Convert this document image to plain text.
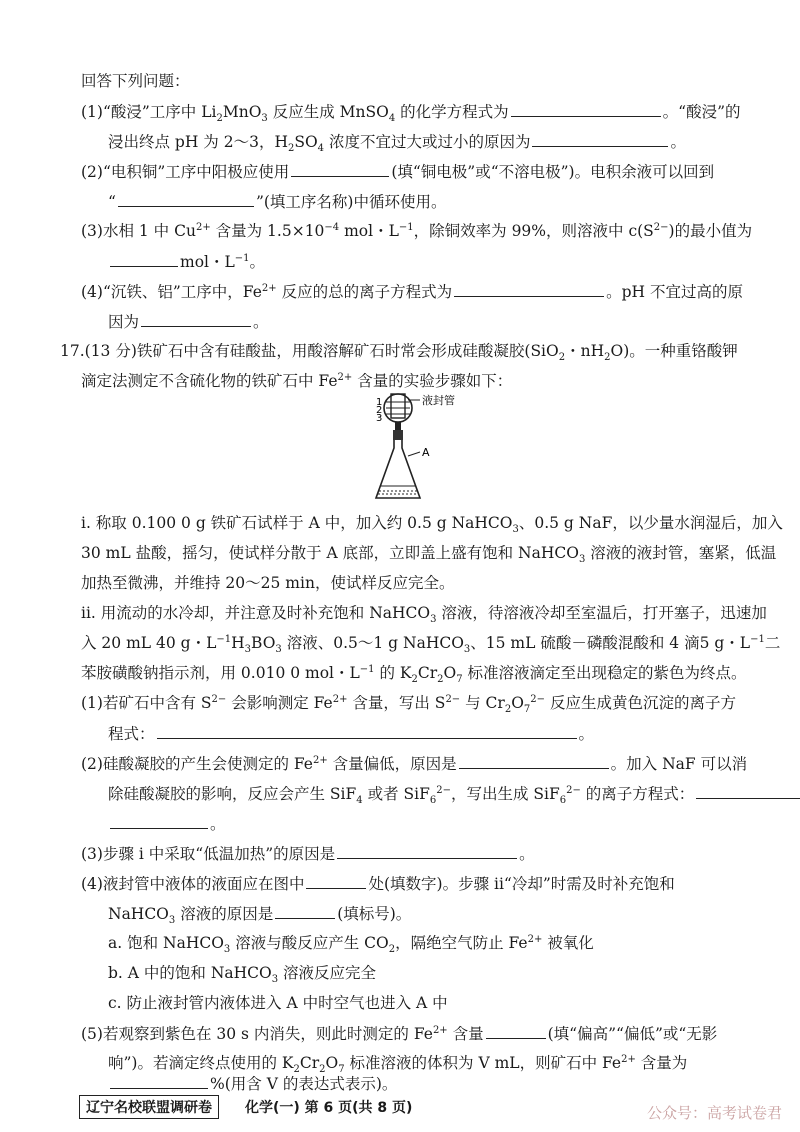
回答下列问题：
(1)“酸浸”工序中 $Li_2MnO_3$ 反应生成 MnSO$_4$ 的化学方程式为	。“酸浸”的
浸出终点 pH 为 2～3，$H_2SO_4$ 浓度不宜过大或过小的原因为	。
(2)“电积铜”工序中阳极应使用	(填“铜电极”或“不溶电极”)。电积余液可以回到
“	”(填工序名称)中循环使用。
(3)水相 1 中 $Cu^{2+}$ 含量为 $1.5\times 10^{-4}$ mol・$L^{-1}$，除铜效率为 99%，则溶液中 $c(S^{2-})$的最小值为
mol・$L^{-1}$。
(4)“沉铁、铝”工序中，$Fe^{2+}$ 反应的总的离子方程式为	。pH 不宜过高的原
因为	。
17.(13 分)铁矿石中含有硅酸盐，用酸溶解矿石时常会形成硅酸凝胶(SiO$_2$・$nH_2O$)。一种重铬酸钾
滴定法测定不含硫化物的铁矿石中 $Fe^{2+}$ 含量的实验步骤如下：
液封管
A
1
2
3
i. 称取 0.100 0 g 铁矿石试样于 A 中，加入约 0.5 g NaHCO$_3$、0.5 g NaF，以少量水润湿后，加入
30 mL 盐酸，摇匀，使试样分散于 A 底部，立即盖上盛有饱和 NaHCO$_3$ 溶液的液封管，塞紧，低温
加热至微沸，并维持 20～25 min，使试样反应完全。
ii. 用流动的水冷却，并注意及时补充饱和 NaHCO$_3$ 溶液，待溶液冷却至室温后，打开塞子，迅速加
入 20 mL 40 g・$L^{-1}H_3BO_3$ 溶液、0.5～1 g NaHCO$_3$、15 mL 硫酸－磷酸混酸和 4 滴5 g・$L^{-1}$二
苯胺磺酸钠指示剂，用 0.010 0 mol・$L^{-1}$ 的 $K_2Cr_2O_7$ 标准溶液滴定至出现稳定的紫色为终点。
(1)若矿石中含有 $S^{2-}$ 会影响测定 $Fe^{2+}$ 含量，写出 $S^{2-}$ 与 $Cr_2O_7^{2-}$ 反应生成黄色沉淀的离子方
程式：	。
(2)硅酸凝胶的产生会使测定的 $Fe^{2+}$ 含量偏低，原因是	。加入 NaF 可以消
除硅酸凝胶的影响，反应会产生 SiF$_4$ 或者 SiF$_6^{2-}$，写出生成 SiF$_6^{2-}$ 的离子方程式：
。
(3)步骤 i 中采取“低温加热”的原因是	。
(4)液封管中液体的液面应在图中	处(填数字)。步骤 ii“冷却”时需及时补充饱和
NaHCO$_3$ 溶液的原因是	(填标号)。
a. 饱和 NaHCO$_3$ 溶液与酸反应产生 $CO_2$，隔绝空气防止 $Fe^{2+}$ 被氧化
b. A 中的饱和 NaHCO$_3$ 溶液反应完全
c. 防止液封管内液体进入 A 中时空气也进入 A 中
(5)若观察到紫色在 30 s 内消失，则此时测定的 $Fe^{2+}$ 含量	(填“偏高”“偏低”或“无影
响”)。若滴定终点使用的 $K_2Cr_2O_7$ 标准溶液的体积为 V mL，则矿石中 $Fe^{2+}$ 含量为
%(用含 V 的表达式表示)。
辽宁名校联盟调研卷	化学(一) 第 6 页(共 8 页)	公众号：高考试卷君
